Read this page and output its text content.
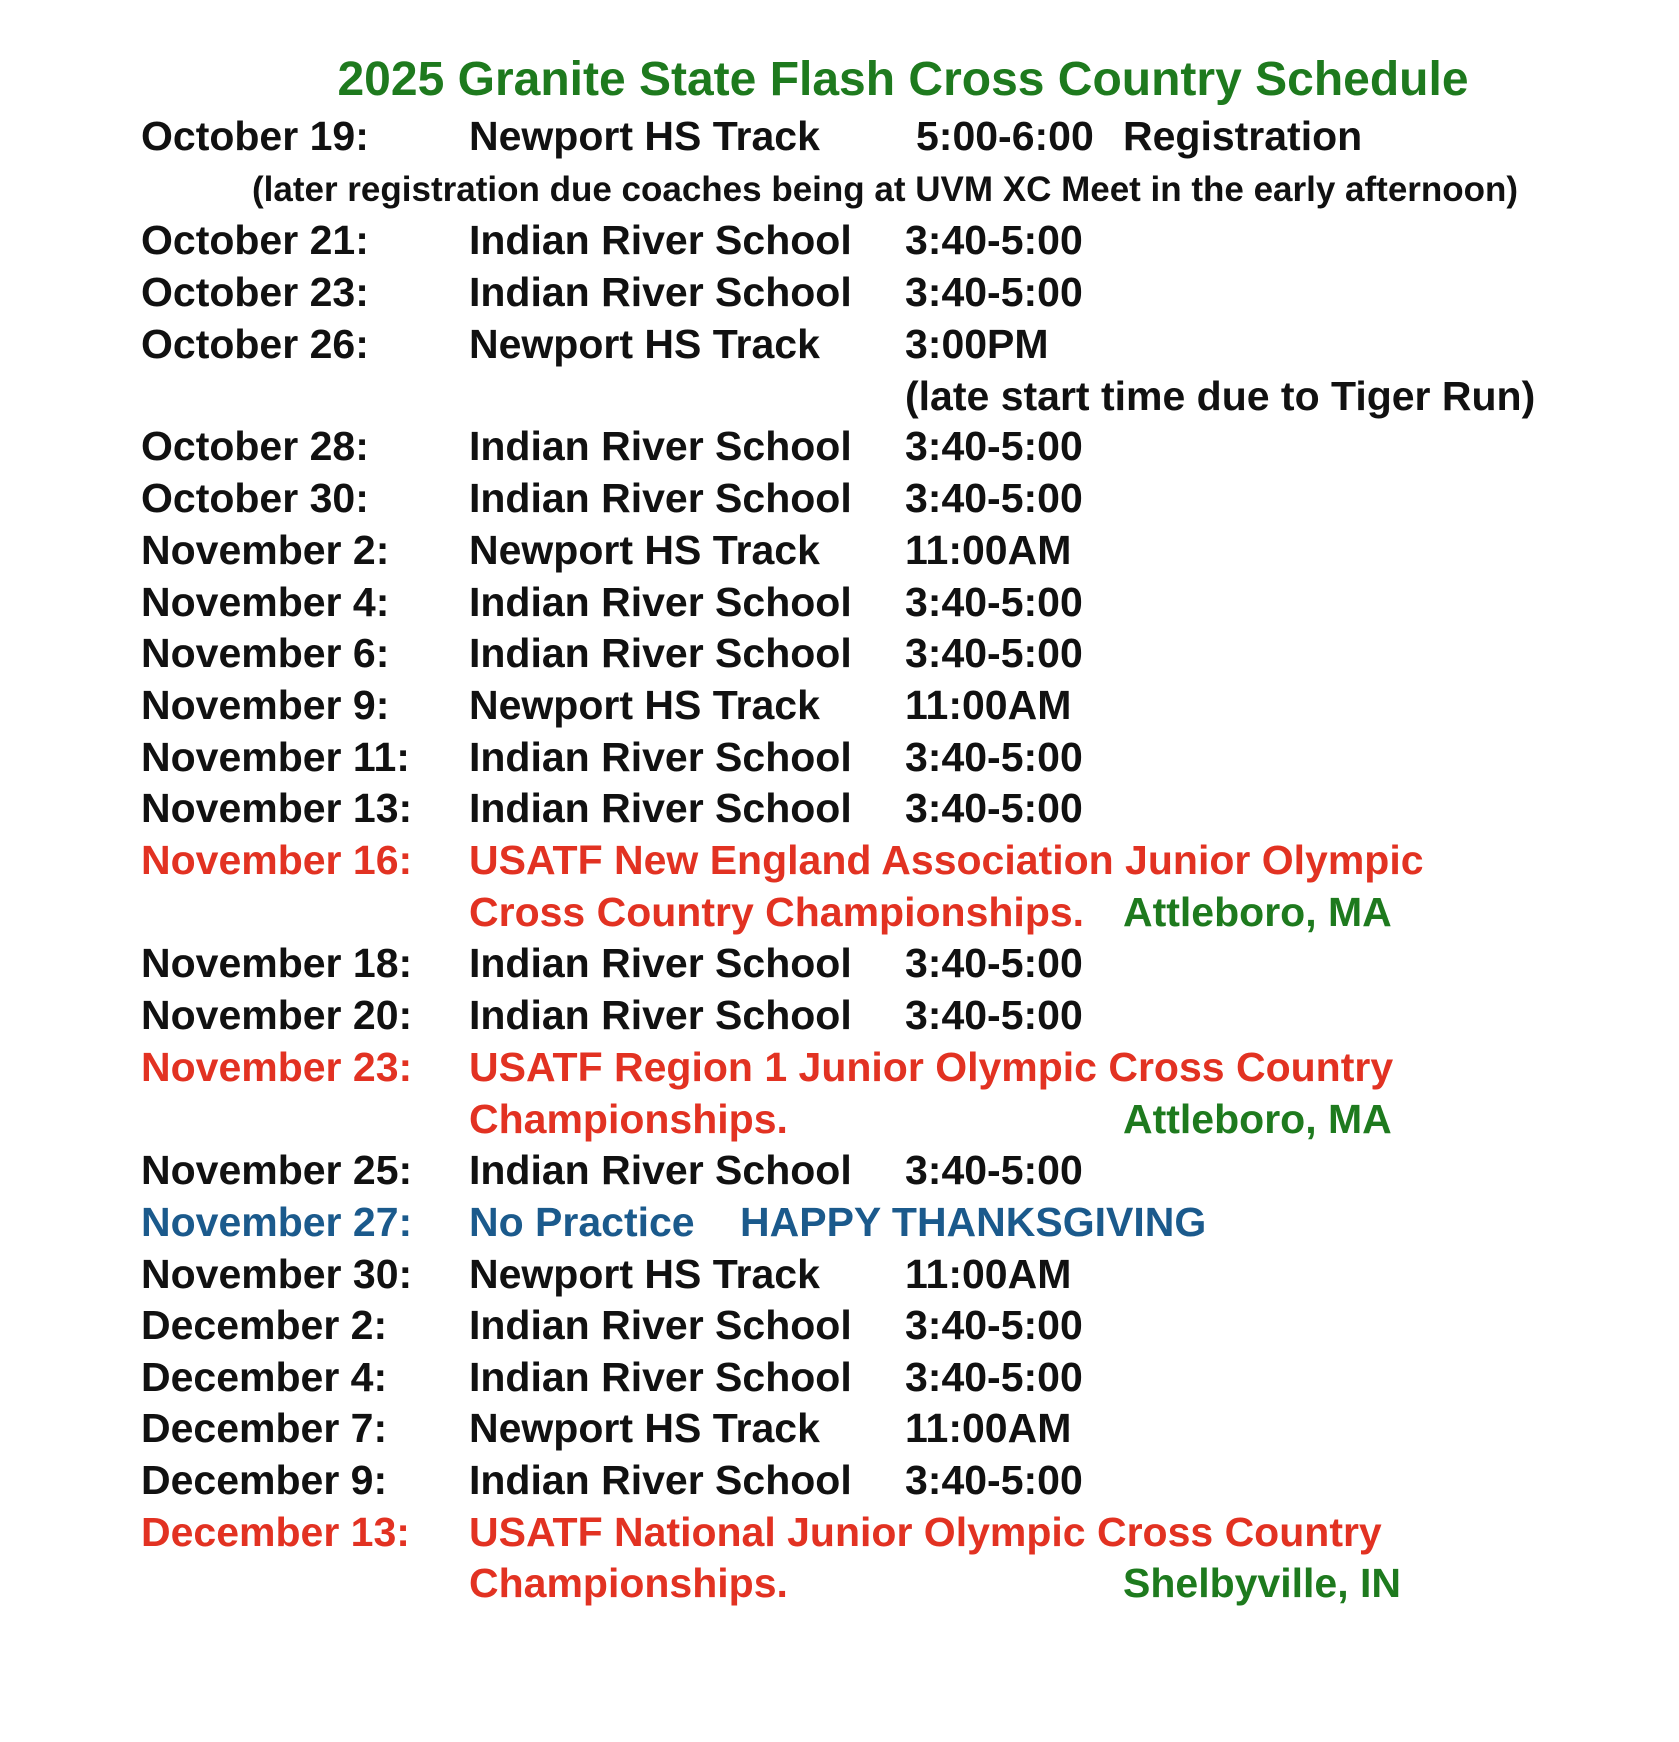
2025 Granite State Flash Cross Country Schedule
October 19: Newport HS Track 5:00-6:00 Registration
(later registration due coaches being at UVM XC Meet in the early afternoon)
October 21: Indian River School 3:40-5:00
October 23: Indian River School 3:40-5:00
October 26: Newport HS Track 3:00PM
(late start time due to Tiger Run)
October 28: Indian River School 3:40-5:00
October 30: Indian River School 3:40-5:00
November 2: Newport HS Track 11:00AM
November 4: Indian River School 3:40-5:00
November 6: Indian River School 3:40-5:00
November 9: Newport HS Track 11:00AM
November 11: Indian River School 3:40-5:00
November 13: Indian River School 3:40-5:00
November 16: USATF New England Association Junior Olympic
Cross Country Championships. Attleboro, MA
November 18: Indian River School 3:40-5:00
November 20: Indian River School 3:40-5:00
November 23: USATF Region 1 Junior Olympic Cross Country
Championships.	Attleboro, MA
November 25: Indian River School 3:40-5:00
November 27: No Practice HAPPY THANKSGIVING
November 30: Newport HS Track 11:00AM
December 2: Indian River School 3:40-5:00
December 4: Indian River School 3:40-5:00
December 7: Newport HS Track 11:00AM
December 9: Indian River School 3:40-5:00
December 13: USATF National Junior Olympic Cross Country
Championships.	Shelbyville, IN
